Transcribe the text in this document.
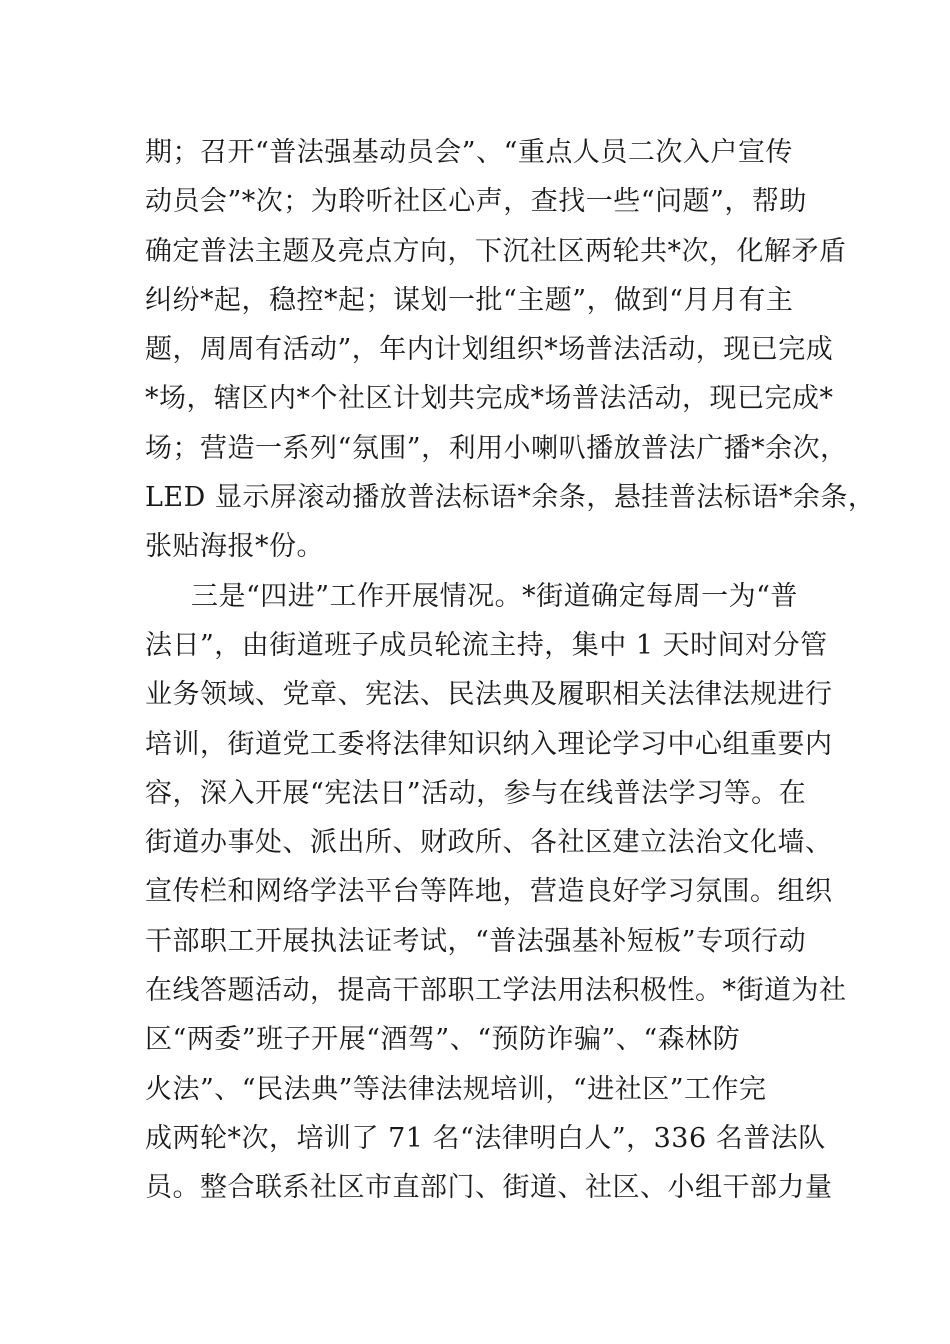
期；召开“普法强基动员会”、“重点人员二次入户宣传
动员会”*次；为聆听社区心声，查找一些“问题”，帮助
确定普法主题及亮点方向，下沉社区两轮共*次，化解矛盾
纠纷*起，稳控*起；谋划一批“主题”，做到“月月有主
题，周周有活动”，年内计划组织*场普法活动，现已完成
*场，辖区内*个社区计划共完成*场普法活动，现已完成*
场；营造一系列“氛围”，利用小喇叭播放普法广播*余次，
LED 显示屏滚动播放普法标语*余条，悬挂普法标语*余条，
张贴海报*份。
三是“四进”工作开展情况。*街道确定每周一为“普
法日”，由街道班子成员轮流主持，集中 1 天时间对分管
业务领域、党章、宪法、民法典及履职相关法律法规进行
培训，街道党工委将法律知识纳入理论学习中心组重要内
容，深入开展“宪法日”活动，参与在线普法学习等。在
街道办事处、派出所、财政所、各社区建立法治文化墙、
宣传栏和网络学法平台等阵地，营造良好学习氛围。组织
干部职工开展执法证考试，“普法强基补短板”专项行动
在线答题活动，提高干部职工学法用法积极性。*街道为社
区“两委”班子开展“酒驾”、“预防诈骗”、“森林防
火法”、“民法典”等法律法规培训，“进社区”工作完
成两轮*次，培训了 71 名“法律明白人”，336 名普法队
员。整合联系社区市直部门、街道、社区、小组干部力量
